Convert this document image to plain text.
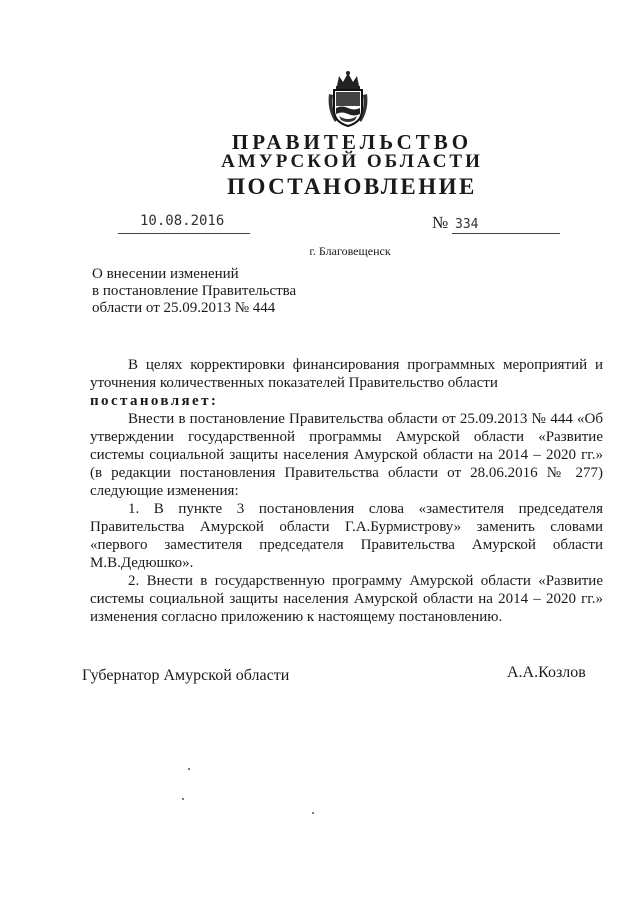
ПРАВИТЕЛЬСТВО
АМУРСКОЙ ОБЛАСТИ
ПОСТАНОВЛЕНИЕ
10.08.2016	№ 334
г. Благовещенск
О внесении изменений
в постановление Правительства
области от 25.09.2013 № 444

В целях корректировки финансирования программных мероприятий и уточнения количественных показателей Правительство области

постановляет:

Внести в постановление Правительства области от 25.09.2013 № 444 «Об утверждении государственной программы Амурской области «Развитие системы социальной защиты населения Амурской области на 2014 – 2020 гг.» (в редакции постановления Правительства области от 28.06.2016 № 277) следующие изменения:

1. В пункте 3 постановления слова «заместителя председателя Правительства Амурской области Г.А.Бурмистрову» заменить словами «первого заместителя председателя Правительства Амурской области М.В.Дедюшко».

2. Внести в государственную программу Амурской области «Развитие системы социальной защиты населения Амурской области на 2014 – 2020 гг.» изменения согласно приложению к настоящему постановлению.

Губернатор Амурской области	А.А.Козлов
